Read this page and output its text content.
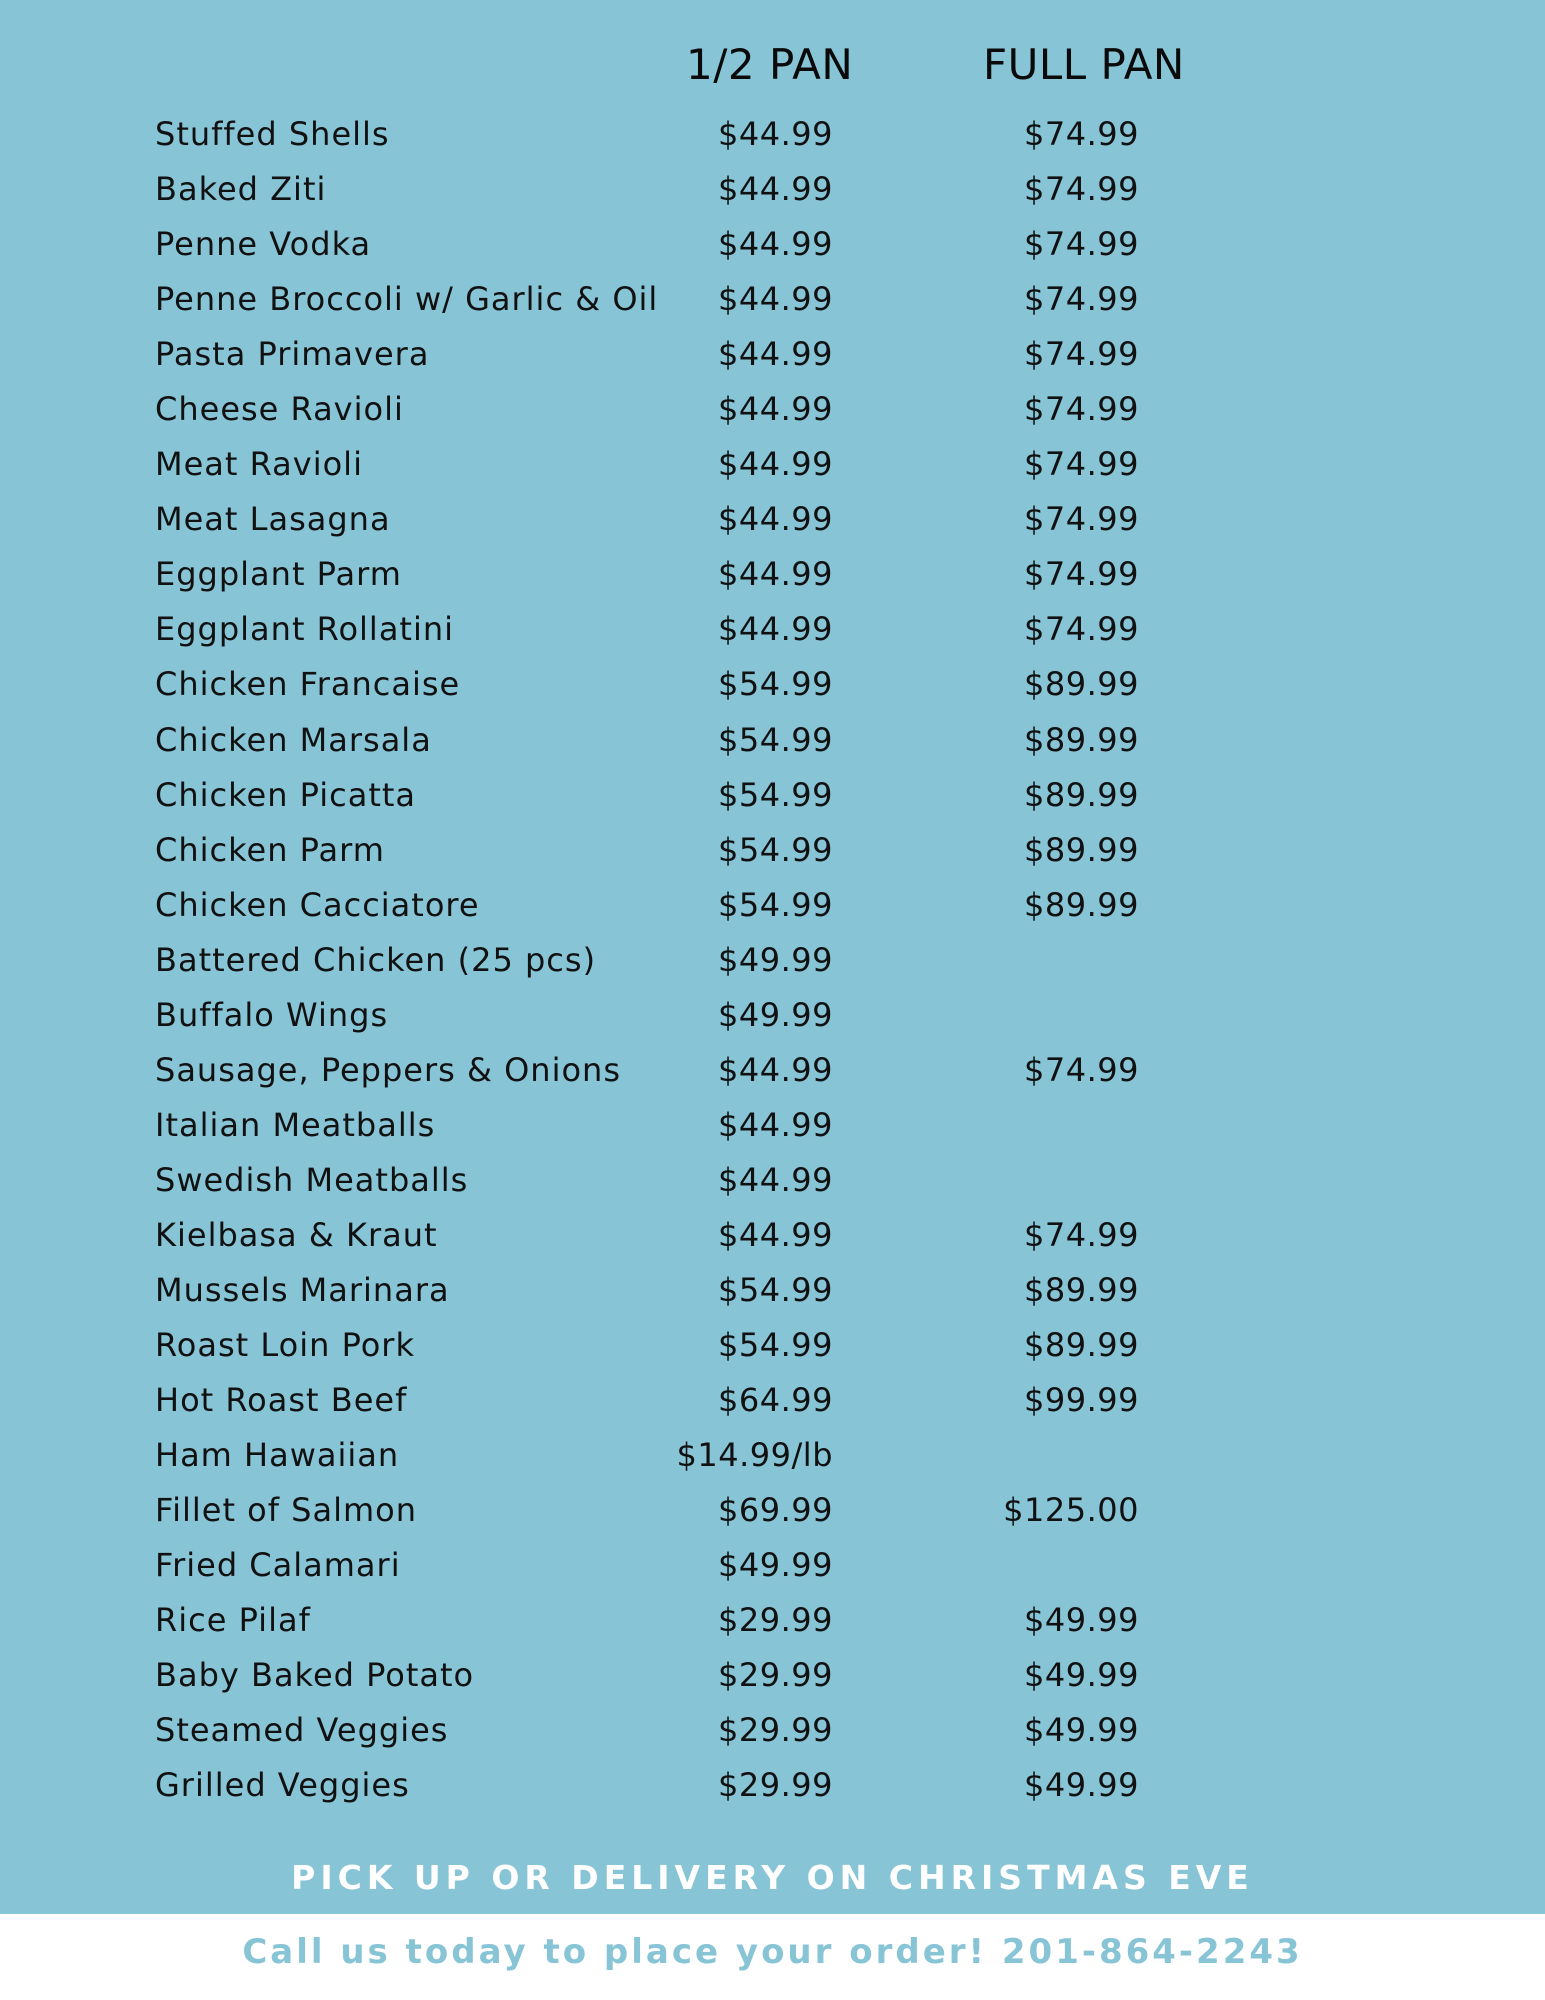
1/2 PAN	FULL PAN
Stuffed Shells	$44.99	$74.99
Baked Ziti	$44.99	$74.99
Penne Vodka	$44.99	$74.99
Penne Broccoli w/ Garlic & Oil $44.99	$74.99
Pasta Primavera	$44.99	$74.99
Cheese Ravioli	$44.99	$74.99
Meat Ravioli	$44.99	$74.99
Meat Lasagna	$44.99	$74.99
Eggplant Parm	$44.99	$74.99
Eggplant Rollatini	$44.99	$74.99
Chicken Francaise	$54.99	$89.99
Chicken Marsala	$54.99	$89.99
Chicken Picatta	$54.99	$89.99
Chicken Parm	$54.99	$89.99
Chicken Cacciatore	$54.99	$89.99
Battered Chicken (25 pcs)	$49.99
Buffalo Wings	$49.99
Sausage, Peppers & Onions	$44.99	$74.99
Italian Meatballs	$44.99
Swedish Meatballs	$44.99
Kielbasa & Kraut	$44.99	$74.99
Mussels Marinara	$54.99	$89.99
Roast Loin Pork	$54.99	$89.99
Hot Roast Beef	$64.99	$99.99
Ham Hawaiian	$14.99/lb
Fillet of Salmon	$69.99	$125.00
Fried Calamari	$49.99
Rice Pilaf	$29.99	$49.99
Baby Baked Potato	$29.99	$49.99
Steamed Veggies	$29.99	$49.99
Grilled Veggies	$29.99	$49.99
PICK UP OR DELIVERY ON CHRISTMAS EVE
Call us today to place your order! 201-864-2243
